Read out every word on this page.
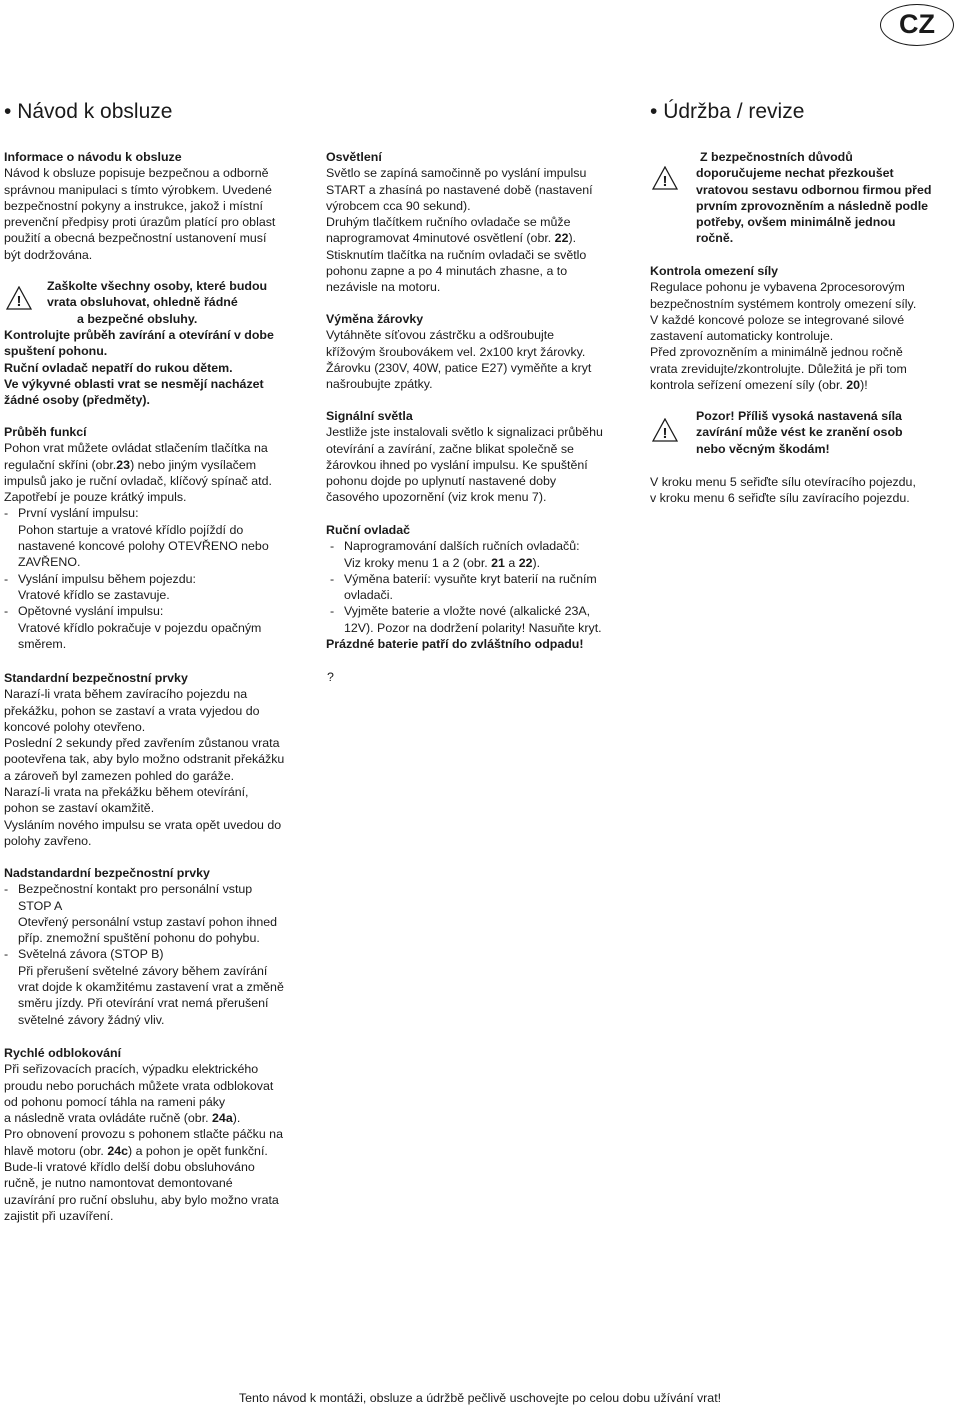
CZ
• Návod k obsluze	• Údržba / revize
Informace o návodu k obsluze
Návod k obsluze popisuje bezpečnou a odborně
správnou manipulaci s tímto výrobkem. Uvedené
bezpečnostní pokyny a instrukce, jakož i místní
prevenční předpisy proti úrazům platící pro oblast
použití a obecná bezpečnostní ustanovení musí
být dodržována.
!
Zaškolte všechny osoby, které budou
vrata obsluhovat, ohledně řádné
a bezpečné obsluhy.
Kontrolujte průběh zavírání a otevírání v dobe
spuštení pohonu.
Ruční ovladač nepatří do rukou dětem.
Ve výkyvné oblasti vrat se nesmějí nacházet
žádné osoby (předměty).
Průběh funkcí
Pohon vrat můžete ovládat stlačením tlačítka na
regulační skříni (obr.23) nebo jiným vysílačem
impulsů jako je ruční ovladač, klíčový spínač atd.
Zapotřebí je pouze krátký impuls.
- První vyslání impulsu:
Pohon startuje a vratové křídlo pojíždí do
nastavené koncové polohy OTEVŘENO nebo
ZAVŘENO.
- Vyslání impulsu během pojezdu:
Vratové křídlo se zastavuje.
- Opětovné vyslání impulsu:
Vratové křídlo pokračuje v pojezdu opačným
směrem.
Standardní bezpečnostní prvky
Narazí-li vrata během zavíracího pojezdu na
překážku, pohon se zastaví a vrata vyjedou do
koncové polohy otevřeno.
Poslední 2 sekundy před zavřením zůstanou vrata
pootevřena tak, aby bylo možno odstranit překážku
a zároveň byl zamezen pohled do garáže.
Narazí-li vrata na překážku během otevírání,
pohon se zastaví okamžitě.
Vysláním nového impulsu se vrata opět uvedou do
polohy zavřeno.
Nadstandardní bezpečnostní prvky
- Bezpečnostní kontakt pro personální vstup
STOP A
Otevřený personální vstup zastaví pohon ihned
příp. znemožní spuštění pohonu do pohybu.
- Světelná závora (STOP B)
Při přerušení světelné závory během zavírání
vrat dojde k okamžitému zastavení vrat a změně
směru jízdy. Při otevírání vrat nemá přerušení
světelné závory žádný vliv.
Rychlé odblokování
Při seřizovacích pracích, výpadku elektrického
proudu nebo poruchách můžete vrata odblokovat
od pohonu pomocí táhla na rameni páky
a následně vrata ovládáte ručně (obr. 24a).
Pro obnovení provozu s pohonem stlačte páčku na
hlavě motoru (obr. 24c) a pohon je opět funkční.
Bude-li vratové křídlo delší dobu obsluhováno
ručně, je nutno namontovat demontované
uzavírání pro ruční obsluhu, aby bylo možno vrata
zajistit při uzavíření.
Osvětlení
Světlo se zapíná samočinně po vyslání impulsu
START a zhasíná po nastavené době (nastavení
výrobcem cca 90 sekund).
Druhým tlačítkem ručního ovladače se může
naprogramovat 4minutové osvětlení (obr. 22).
Stisknutím tlačítka na ručním ovladači se světlo
pohonu zapne a po 4 minutách zhasne, a to
nezávisle na motoru.
Výměna žárovky
Vytáhněte síťovou zástrčku a odšroubujte
křížovým šroubovákem vel. 2x100 kryt žárovky.
Žárovku (230V, 40W, patice E27) vyměňte a kryt
našroubujte zpátky.
Signální světla
Jestliže jste instalovali světlo k signalizaci průběhu
otevírání a zavírání, začne blikat společně se
žárovkou ihned po vyslání impulsu. Ke spuštění
pohonu dojde po uplynutí nastavené doby
časového upozornění (viz krok menu 7).
Ruční ovladač
- Naprogramování dalších ručních ovladačů:
Viz kroky menu 1 a 2 (obr. 21 a 22).
- Výměna baterií: vysuňte kryt baterií na ručním
ovladači.
- Vyjměte baterie a vložte nové (alkalické 23A,
12V). Pozor na dodržení polarity! Nasuňte kryt.
Prázdné baterie patří do zvláštního odpadu!
?
!
Z bezpečnostních důvodů
doporučujeme nechat přezkoušet
vratovou sestavu odbornou firmou před
prvním zprovozněním a následně podle
potřeby, ovšem minimálně jednou
ročně.
Kontrola omezení síly
Regulace pohonu je vybavena 2procesorovým
bezpečnostním systémem kontroly omezení síly.
V každé koncové poloze se integrované silové
zastavení automaticky kontroluje.
Před zprovozněním a minimálně jednou ročně
vrata zrevidujte/zkontrolujte. Důležitá je při tom
kontrola seřízení omezení síly (obr. 20)!
!
Pozor! Příliš vysoká nastavená síla
zavírání může vést ke zranění osob
nebo věcným škodám!
V kroku menu 5 seřiďte sílu otevíracího pojezdu,
v kroku menu 6 seřiďte sílu zavíracího pojezdu.
Tento návod k montáži, obsluze a údržbě pečlivě uschovejte po celou dobu užívání vrat!
